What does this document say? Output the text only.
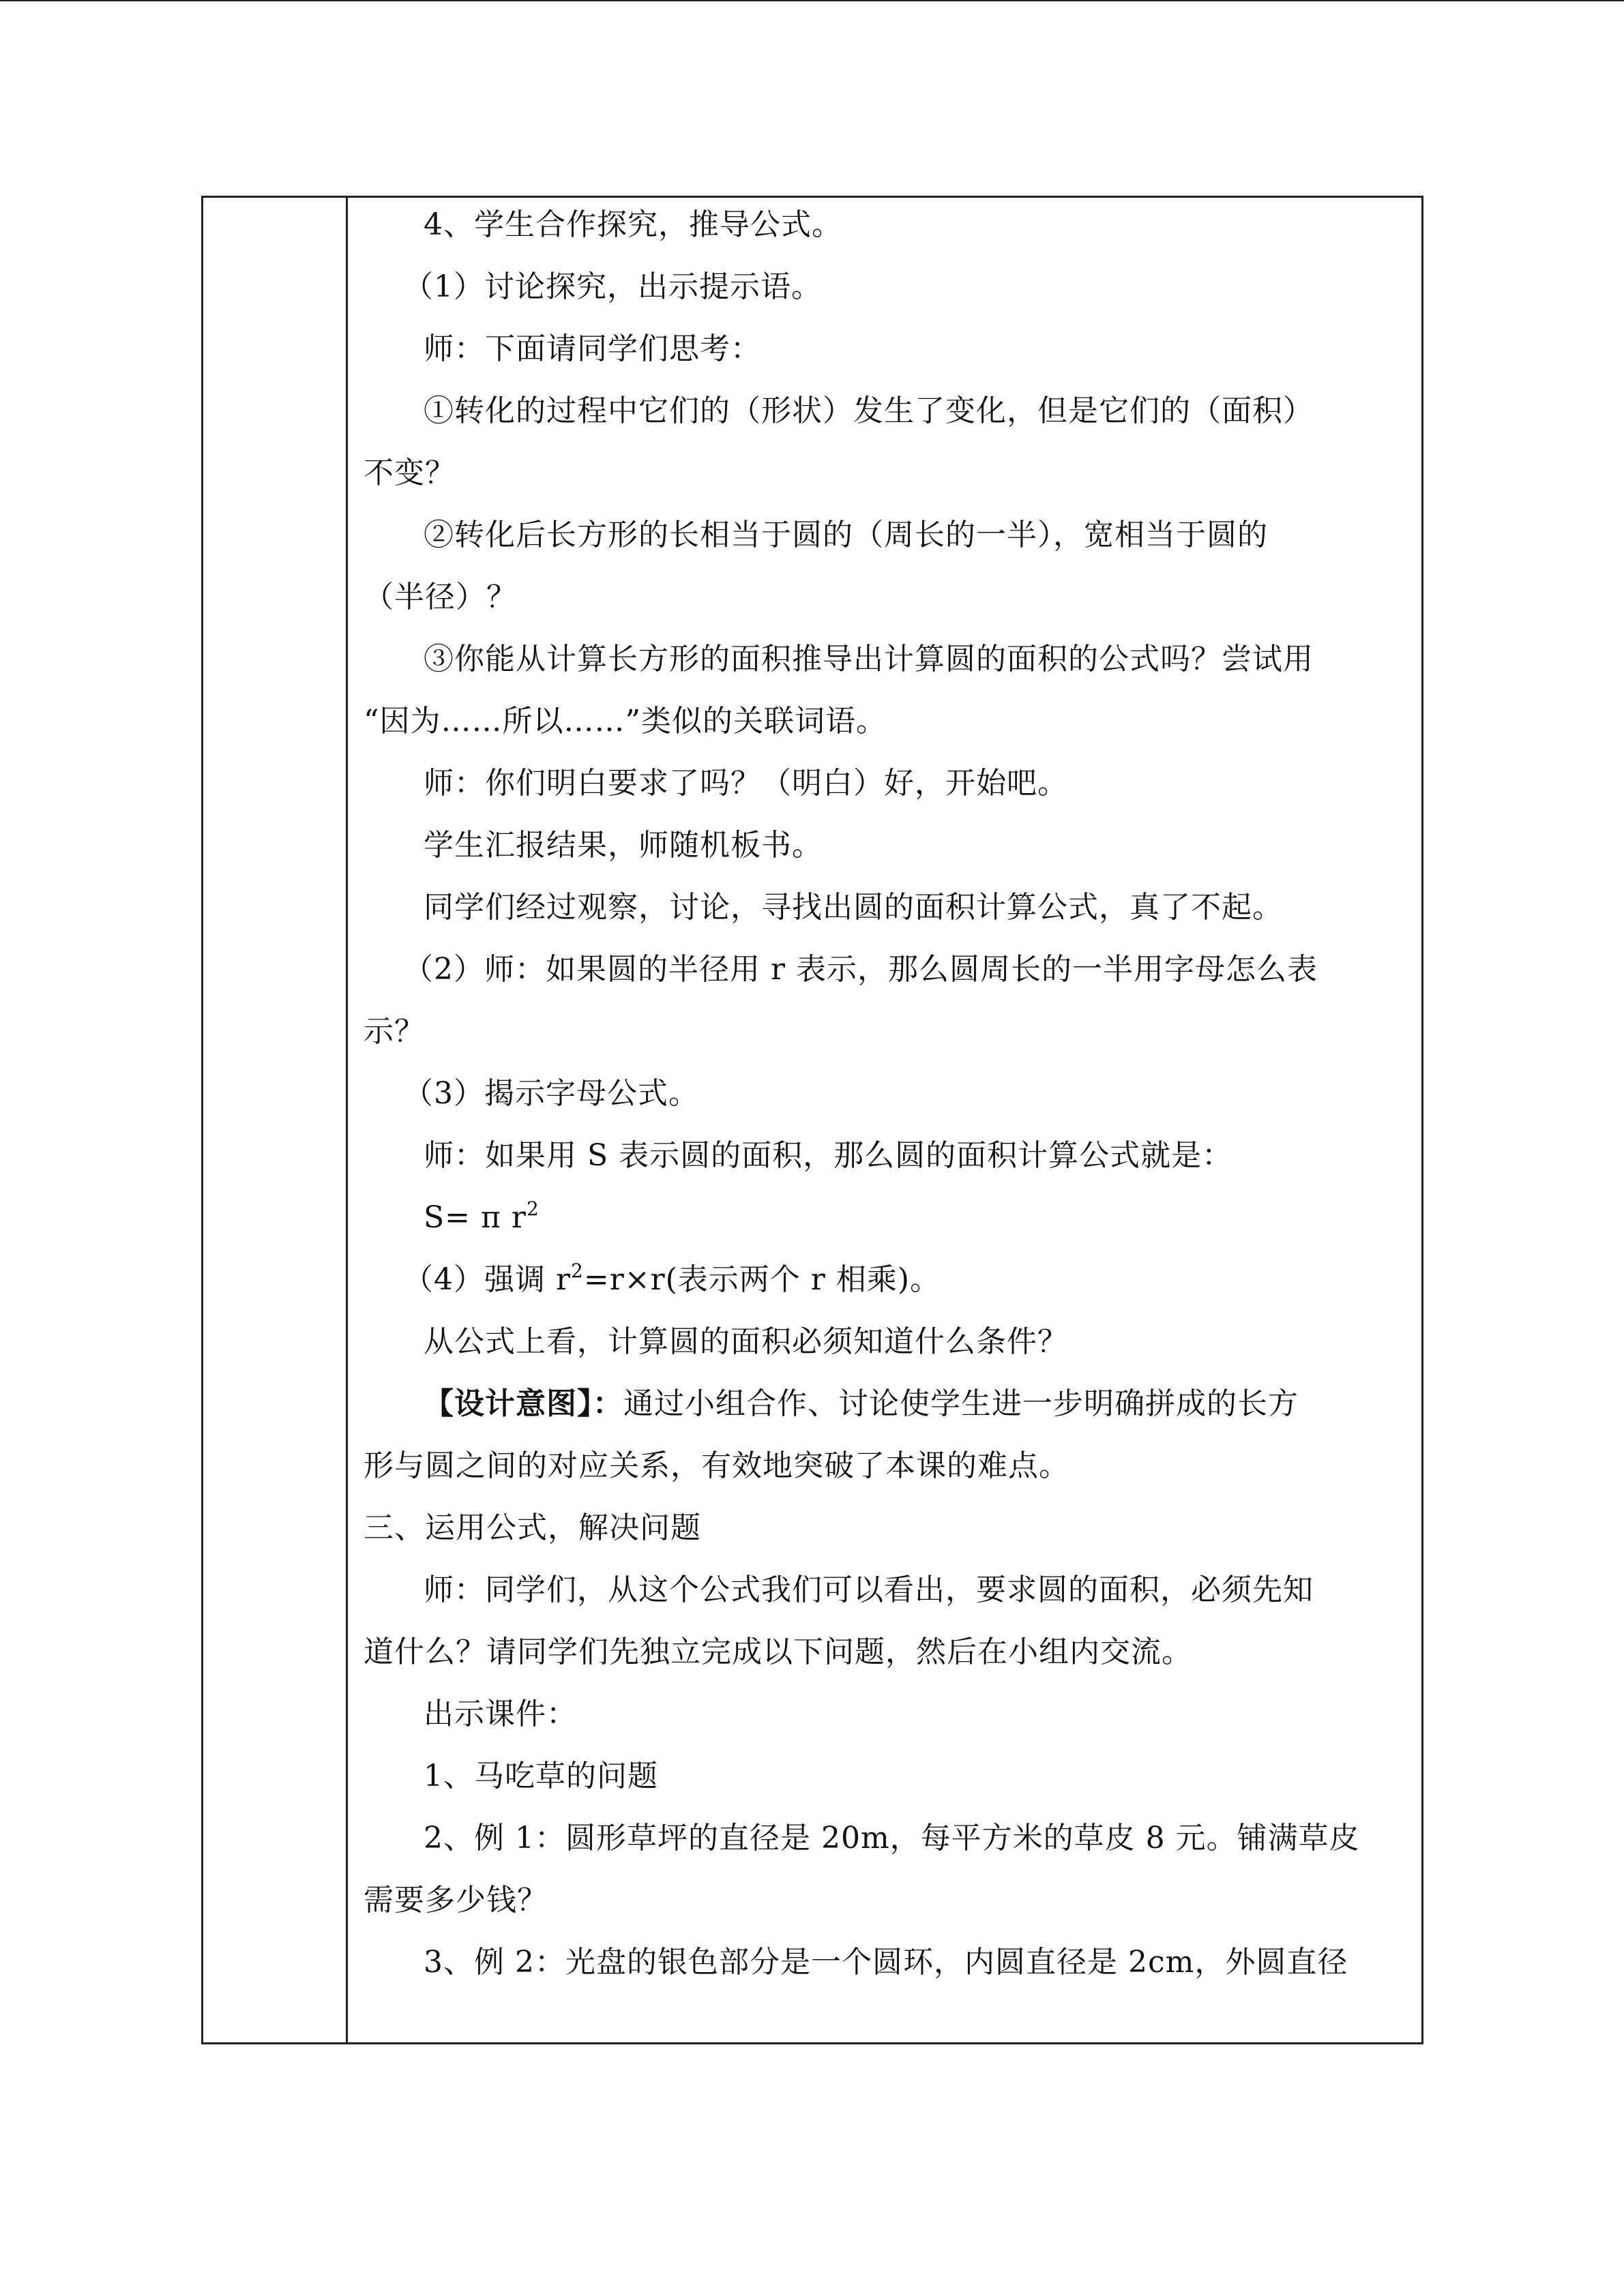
4、学生合作探究，推导公式。
（1）讨论探究，出示提示语。
师：下面请同学们思考：
①转化的过程中它们的（形状）发生了变化，但是它们的（面积）
不变？
②转化后长方形的长相当于圆的（周长的一半），宽相当于圆的
（半径）？
③你能从计算长方形的面积推导出计算圆的面积的公式吗？尝试用
“因为……所以……”类似的关联词语。
师：你们明白要求了吗？（明白）好，开始吧。
学生汇报结果，师随机板书。
同学们经过观察，讨论，寻找出圆的面积计算公式，真了不起。
（2）师：如果圆的半径用 r 表示，那么圆周长的一半用字母怎么表
示？
（3）揭示字母公式。
师：如果用 S 表示圆的面积，那么圆的面积计算公式就是：
S= π $r^2$
（4）强调 $r^2=r\times r$(表示两个 r 相乘)。
从公式上看，计算圆的面积必须知道什么条件？
【设计意图】：通过小组合作、讨论使学生进一步明确拼成的长方
形与圆之间的对应关系，有效地突破了本课的难点。
三、运用公式，解决问题
师：同学们，从这个公式我们可以看出，要求圆的面积，必须先知
道什么？请同学们先独立完成以下问题，然后在小组内交流。
出示课件：
1、马吃草的问题
2、例 1：圆形草坪的直径是 20m，每平方米的草皮 8 元。铺满草皮
需要多少钱？
3、例 2：光盘的银色部分是一个圆环，内圆直径是 2cm，外圆直径
